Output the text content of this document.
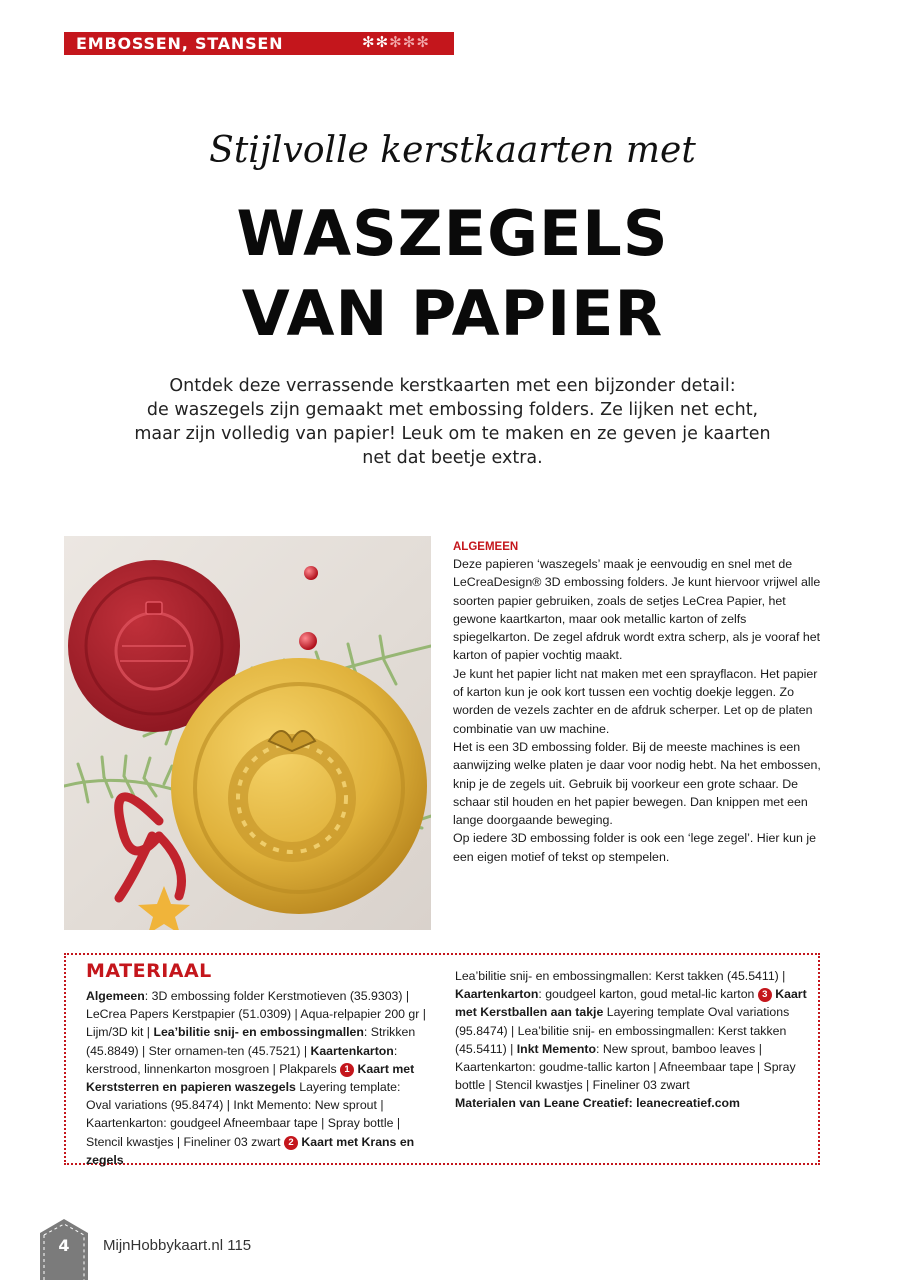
EMBOSSEN, STANSEN	✻ ✻ ✻ ✻ ✻
Stijlvolle kerstkaarten met
WASZEGELS
VAN PAPIER
Ontdek deze verrassende kerstkaarten met een bijzonder detail:
de waszegels zijn gemaakt met embossing folders. Ze lijken net echt,
maar zijn volledig van papier! Leuk om te maken en ze geven je kaarten
net dat beetje extra.
ALGEMEEN

Deze papieren ‘waszegels’ maak je eenvoudig en snel met de LeCreaDesign® 3D embossing folders. Je kunt hiervoor vrijwel alle soorten papier gebruiken, zoals de setjes LeCrea Papier, het gewone kaartkarton, maar ook metallic karton of zelfs spiegelkarton. De zegel afdruk wordt extra scherp, als je vooraf het karton of papier vochtig maakt.

Je kunt het papier licht nat maken met een sprayflacon. Het papier of karton kun je ook kort tussen een vochtig doekje leggen. Zo worden de vezels zachter en de afdruk scherper. Let op de platen combinatie van uw machine.

Het is een 3D embossing folder. Bij de meeste machines is een aanwijzing welke platen je daar voor nodig hebt. Na het embossen, knip je de zegels uit. Gebruik bij voorkeur een grote schaar. De schaar stil houden en het papier bewegen. Dan knippen met een lange doorgaande beweging.

Op iedere 3D embossing folder is ook een ‘lege zegel’. Hier kun je een eigen motief of tekst op stempelen.

MATERIAAL
Algemeen: 3D embossing folder Kerstmotieven (35.9303) | LeCrea Papers Kerstpapier (51.0309) | Aqua-relpapier 200 gr | Lijm/3D kit | Lea’bilitie snij- en embossingmallen: Strikken (45.8849) | Ster ornamen-ten (45.7521) | Kaartenkarton: kerstrood, linnenkarton mosgroen | Plakparels 1 Kaart met Kerststerren en papieren waszegels Layering template: Oval variations (95.8474) | Inkt Memento: New sprout | Kaartenkarton: goudgeel Afneembaar tape | Spray bottle | Stencil kwastjes | Fineliner 03 zwart 2 Kaart met Krans en zegels
Lea’bilitie snij- en embossingmallen: Kerst takken (45.5411) | Kaartenkarton: goudgeel karton, goud metal-lic karton 3 Kaart met Kerstballen aan takje Layering template Oval variations (95.8474) | Lea’bilitie snij- en embossingmallen: Kerst takken (45.5411) | Inkt Memento: New sprout, bamboo leaves | Kaartenkarton: goudme-tallic karton | Afneembaar tape | Spray bottle | Stencil kwastjes | Fineliner 03 zwart
Materialen van Leane Creatief: leanecreatief.com
4	MijnHobbykaart.nl 115
